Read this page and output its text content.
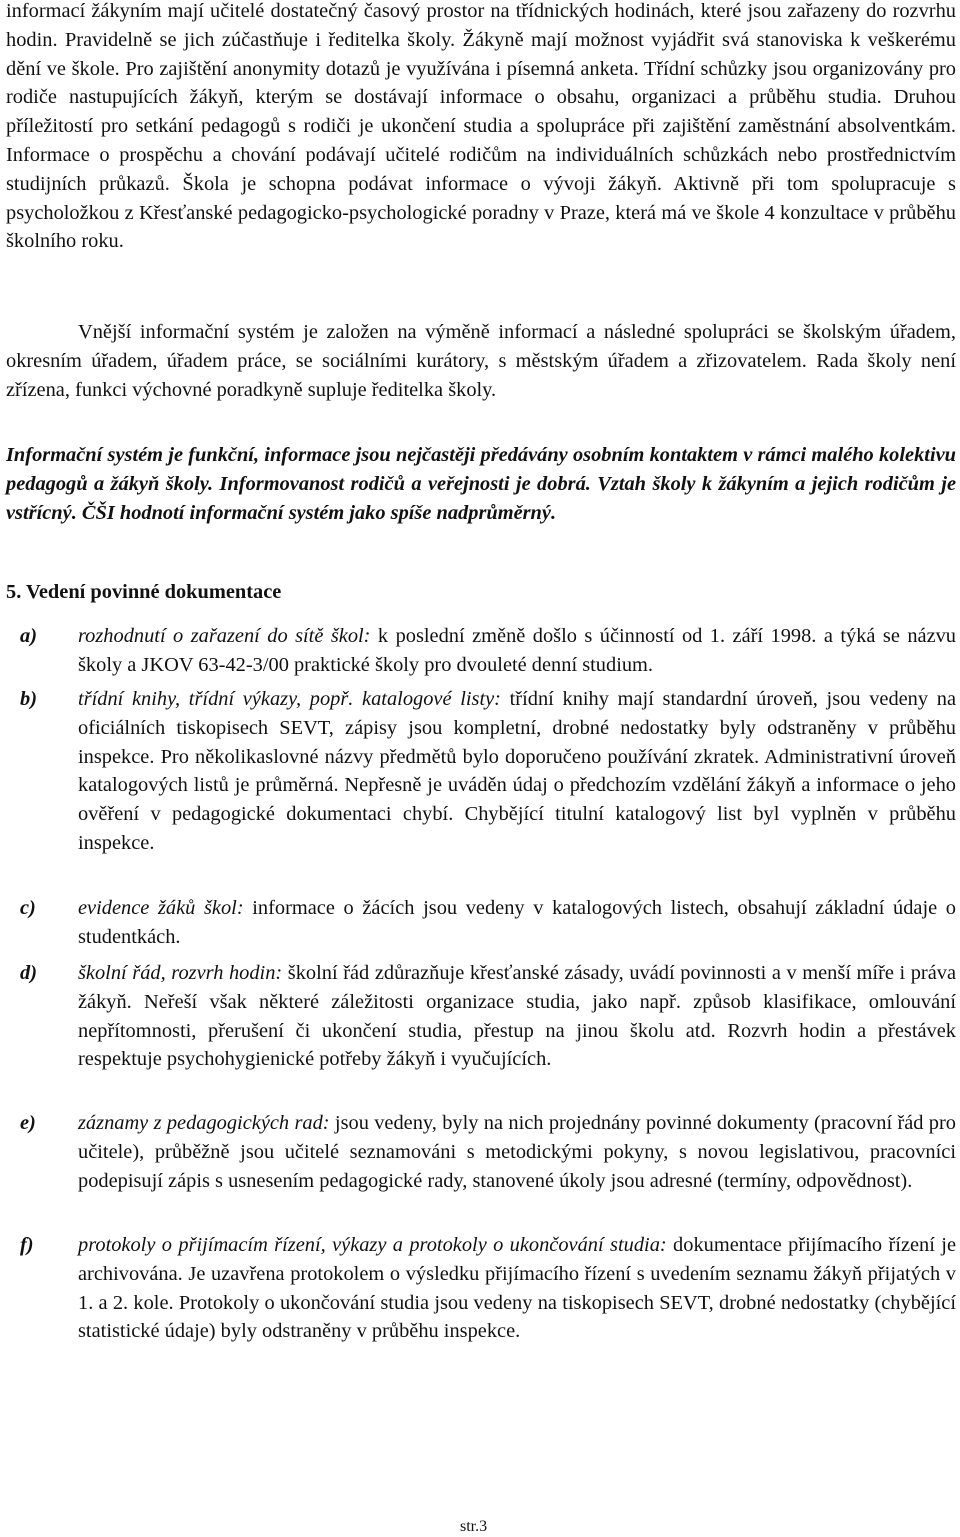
informací žákyním mají učitelé dostatečný časový prostor na třídnických hodinách, které jsou zařazeny do rozvrhu hodin. Pravidelně se jich zúčastňuje i ředitelka školy. Žákyně mají možnost vyjádřit svá stanoviska k veškerému dění ve škole. Pro zajištění anonymity dotazů je využívána i písemná anketa. Třídní schůzky jsou organizovány pro rodiče nastupujících žákyň, kterým se dostávají informace o obsahu, organizaci a průběhu studia. Druhou příležitostí pro setkání pedagogů s rodiči je ukončení studia a spolupráce při zajištění zaměstnání absolventkám. Informace o prospěchu a chování podávají učitelé rodičům na individuálních schůzkách nebo prostřednictvím studijních průkazů. Škola je schopna podávat informace o vývoji žákyň. Aktivně při tom spolupracuje s psycholožkou z Křesťanské pedagogicko-psychologické poradny v Praze, která má ve škole 4 konzultace v průběhu školního roku.

Vnější informační systém je založen na výměně informací a následné spolupráci se školským úřadem, okresním úřadem, úřadem práce, se sociálními kurátory, s městským úřadem a zřizovatelem. Rada školy není zřízena, funkci výchovné poradkyně supluje ředitelka školy.

Informační systém je funkční, informace jsou nejčastěji předávány osobním kontaktem v rámci malého kolektivu pedagogů a žákyň školy. Informovanost rodičů a veřejnosti je dobrá. Vztah školy k žákyním a jejich rodičům je vstřícný. ČŠI hodnotí informační systém jako spíše nadprůměrný.

5. Vedení povinné dokumentace
a) rozhodnutí o zařazení do sítě škol: k poslední změně došlo s účinností od 1. září 1998. a týká se názvu školy a JKOV 63-42-3/00 praktické školy pro dvouleté denní studium.
b) třídní knihy, třídní výkazy, popř. katalogové listy: třídní knihy mají standardní úroveň, jsou vedeny na oficiálních tiskopisech SEVT, zápisy jsou kompletní, drobné nedostatky byly odstraněny v průběhu inspekce. Pro několikaslovné názvy předmětů bylo doporučeno používání zkratek. Administrativní úroveň katalogových listů je průměrná. Nepřesně je uváděn údaj o předchozím vzdělání žákyň a informace o jeho ověření v pedagogické dokumentaci chybí. Chybějící titulní katalogový list byl vyplněn v průběhu inspekce.
c) evidence žáků škol: informace o žácích jsou vedeny v katalogových listech, obsahují základní údaje o studentkách.
d) školní řád, rozvrh hodin: školní řád zdůrazňuje křesťanské zásady, uvádí povinnosti a v menší míře i práva žákyň. Neřeší však některé záležitosti organizace studia, jako např. způsob klasifikace, omlouvání nepřítomnosti, přerušení či ukončení studia, přestup na jinou školu atd. Rozvrh hodin a přestávek respektuje psychohygienické potřeby žákyň i vyučujících.
e) záznamy z pedagogických rad: jsou vedeny, byly na nich projednány povinné dokumenty (pracovní řád pro učitele), průběžně jsou učitelé seznamováni s metodickými pokyny, s novou legislativou, pracovníci podepisují zápis s usnesením pedagogické rady, stanovené úkoly jsou adresné (termíny, odpovědnost).
f) protokoly o přijímacím řízení, výkazy a protokoly o ukončování studia: dokumentace přijímacího řízení je archivována. Je uzavřena protokolem o výsledku přijímacího řízení s uvedením seznamu žákyň přijatých v 1. a 2. kole. Protokoly o ukončování studia jsou vedeny na tiskopisech SEVT, drobné nedostatky (chybějící statistické údaje) byly odstraněny v průběhu inspekce.
str.3
